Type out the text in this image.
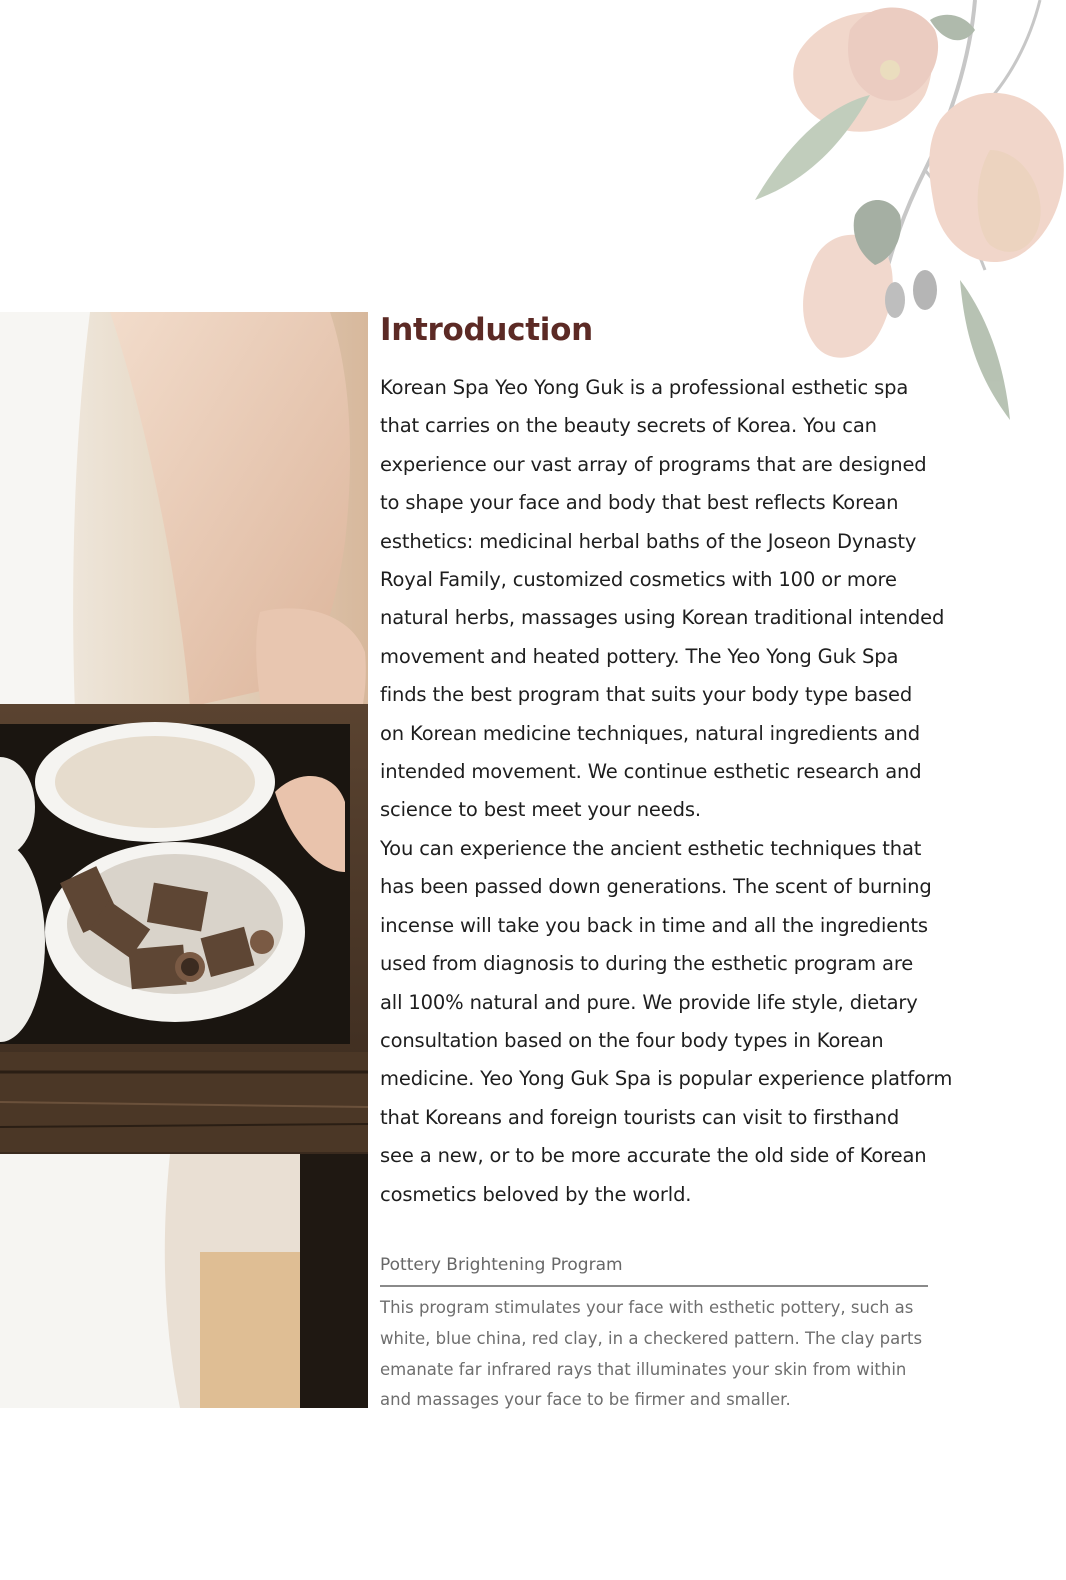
Introduction
Korean Spa Yeo Yong Guk is a professional esthetic spa
that carries on the beauty secrets of Korea. You can
experience our vast array of programs that are designed
to shape your face and body that best reflects Korean
esthetics: medicinal herbal baths of the Joseon Dynasty
Royal Family, customized cosmetics with 100 or more
natural herbs, massages using Korean traditional intended
movement and heated pottery. The Yeo Yong Guk Spa
finds the best program that suits your body type based
on Korean medicine techniques, natural ingredients and
intended movement. We continue esthetic research and
science to best meet your needs.
You can experience the ancient esthetic techniques that
has been passed down generations. The scent of burning
incense will take you back in time and all the ingredients
used from diagnosis to during the esthetic program are
all 100% natural and pure. We provide life style, dietary
consultation based on the four body types in Korean
medicine. Yeo Yong Guk Spa is popular experience platform
that Koreans and foreign tourists can visit to firsthand
see a new, or to be more accurate the old side of Korean
cosmetics beloved by the world.
Pottery Brightening Program
This program stimulates your face with esthetic pottery, such as
white, blue china, red clay, in a checkered pattern. The clay parts
emanate far infrared rays that illuminates your skin from within
and massages your face to be firmer and smaller.
